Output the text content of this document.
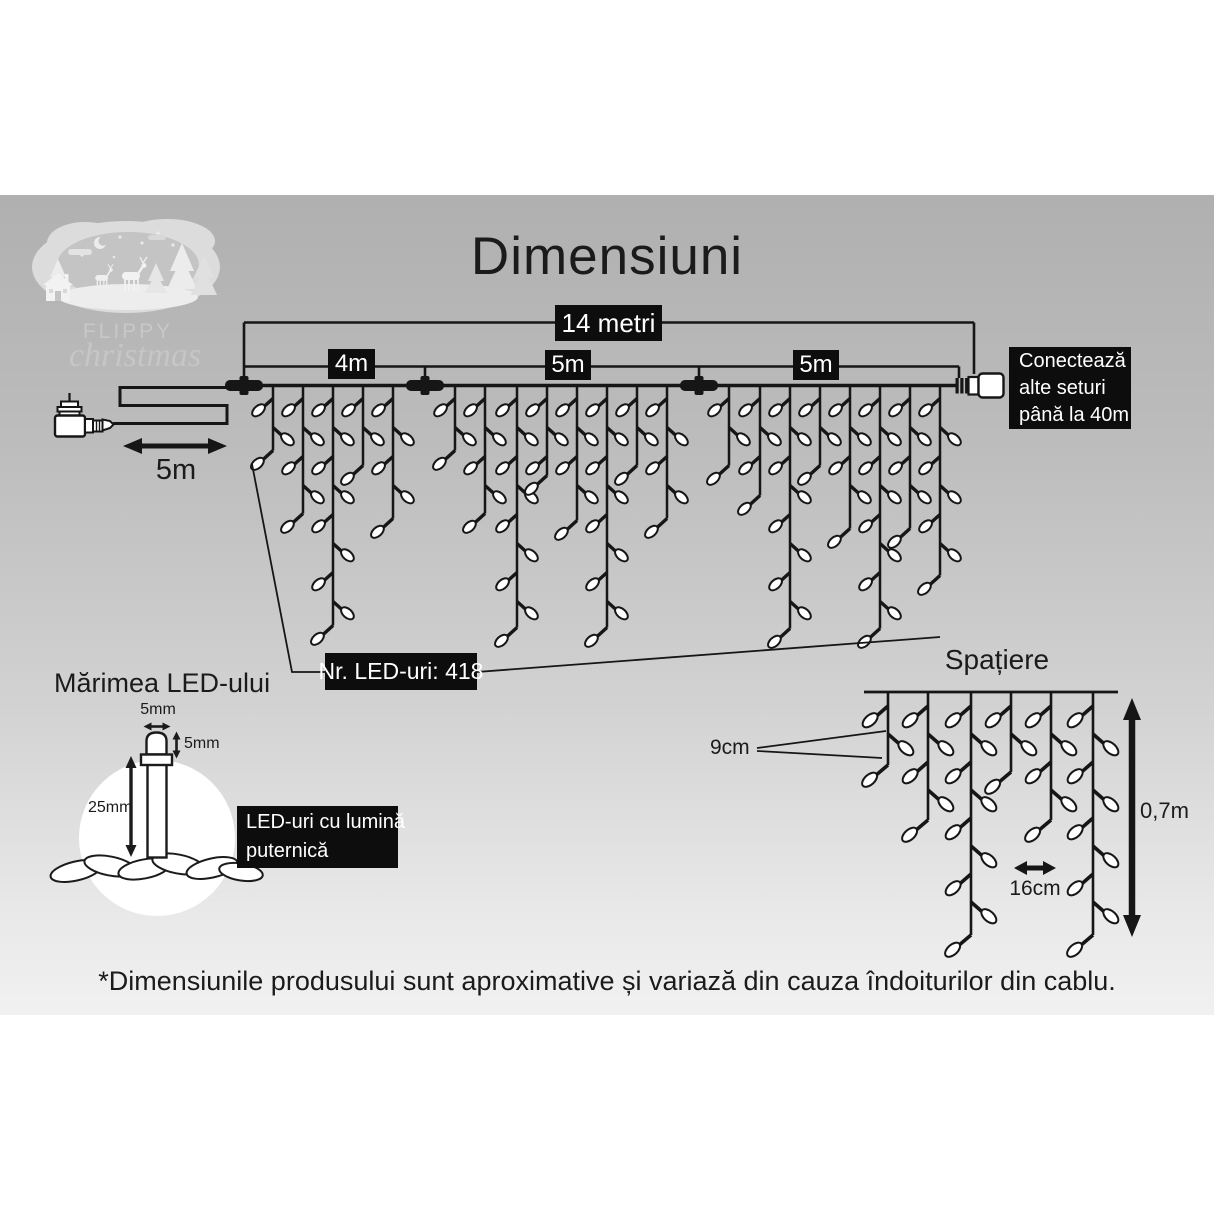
FLIPPY
christmas
Dimensiuni
14 metri
4m	5m	5m
5m
Conectează
alte seturi
până la 40m
Nr. LED-uri: 418
Mărimea LED-ului
5mm
5mm
25mm
LED-uri cu lumină
puternică
Spațiere
9cm
16cm
0,7m
*Dimensiunile produsului sunt aproximative și variază din cauza îndoiturilor din cablu.
